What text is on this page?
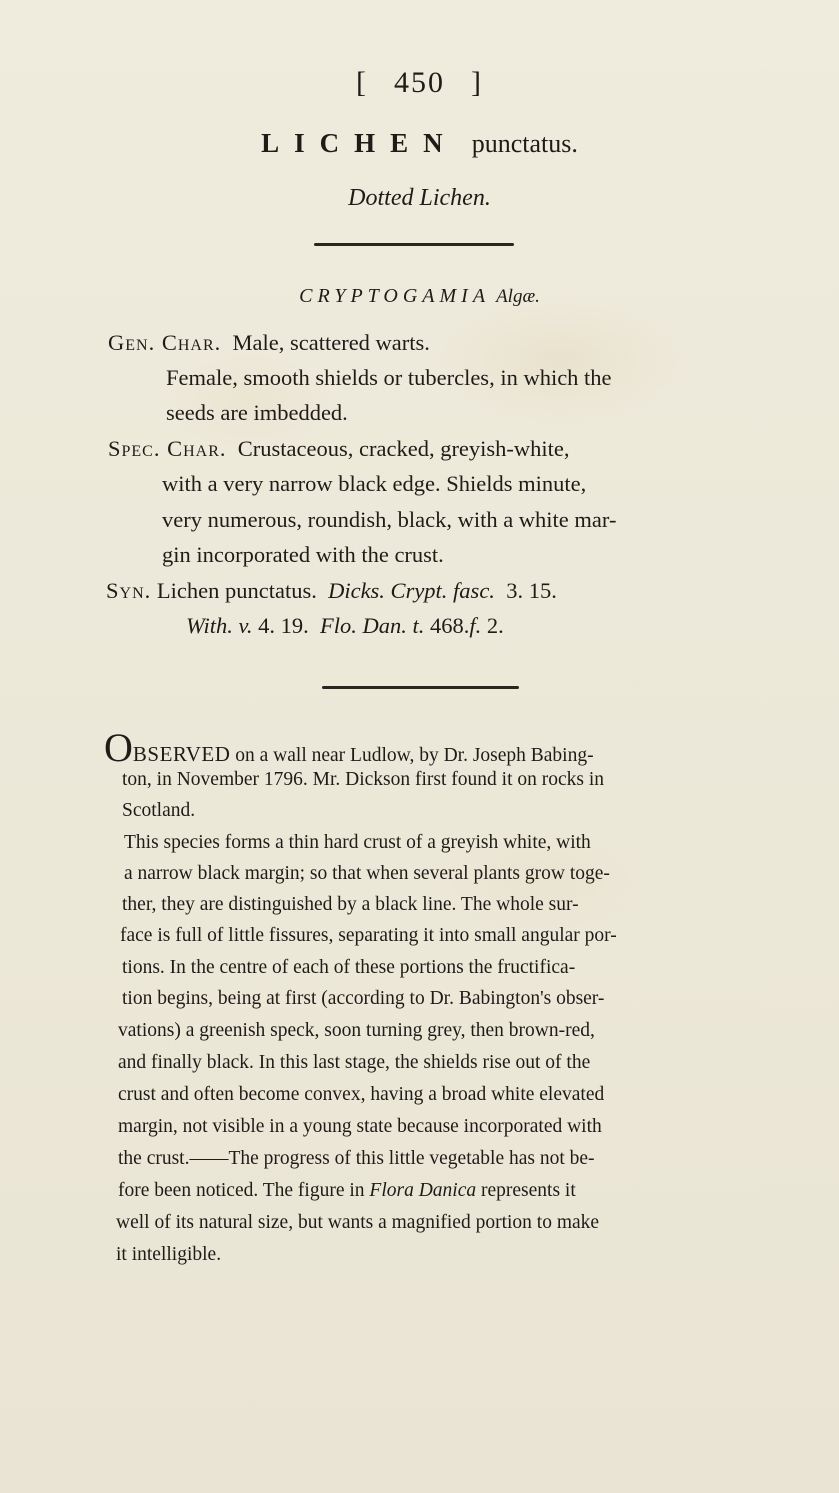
[ 450 ]
LICHEN punctatus.
Dotted Lichen.
CRYPTOGAMIA Algæ.
Gen. Char. Male, scattered warts.
Female, smooth shields or tubercles, in which the
seeds are imbedded.
Spec. Char. Crustaceous, cracked, greyish-white,
with a very narrow black edge. Shields minute,
very numerous, roundish, black, with a white mar-
gin incorporated with the crust.
Syn. Lichen punctatus. Dicks. Crypt. fasc. 3. 15.
With. v. 4. 19. Flo. Dan. t. 468.f. 2.
OBSERVED on a wall near Ludlow, by Dr. Joseph Babing-
ton, in November 1796. Mr. Dickson first found it on rocks in
Scotland.
This species forms a thin hard crust of a greyish white, with
a narrow black margin; so that when several plants grow toge-
ther, they are distinguished by a black line. The whole sur-
face is full of little fissures, separating it into small angular por-
tions. In the centre of each of these portions the fructifica-
tion begins, being at first (according to Dr. Babington's obser-
vations) a greenish speck, soon turning grey, then brown-red,
and finally black. In this last stage, the shields rise out of the
crust and often become convex, having a broad white elevated
margin, not visible in a young state because incorporated with
the crust.——The progress of this little vegetable has not be-
fore been noticed. The figure in Flora Danica represents it
well of its natural size, but wants a magnified portion to make
it intelligible.
